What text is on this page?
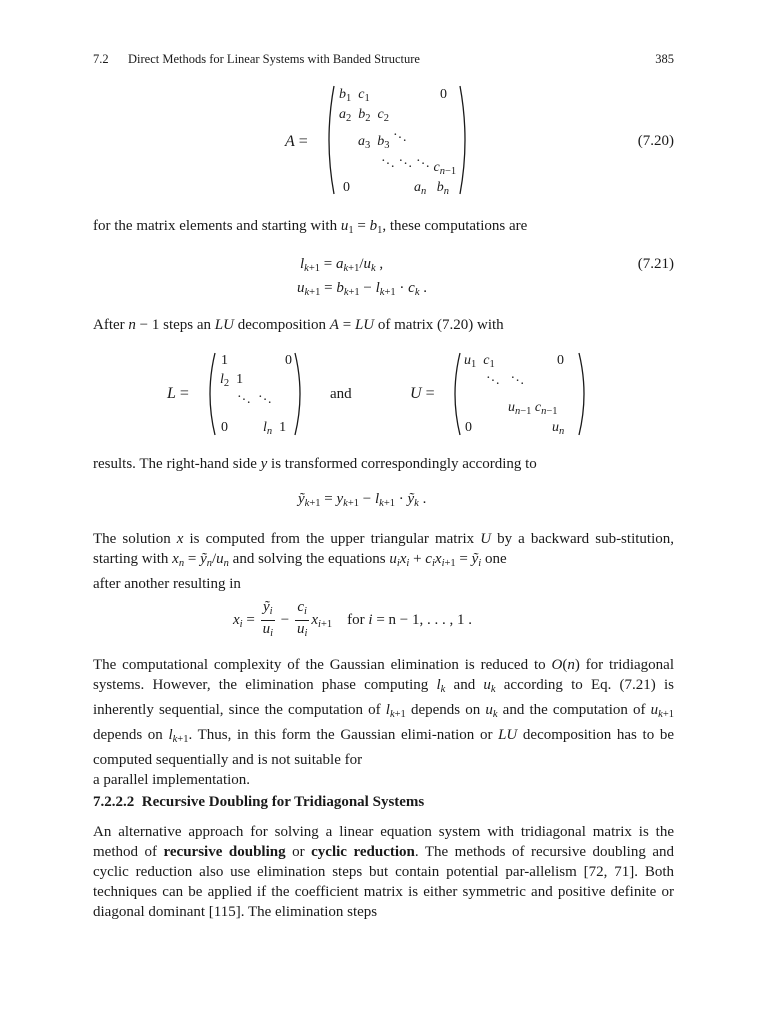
7.2 Direct Methods for Linear Systems with Banded Structure	385
A =
$b_1$ $c_1$	0
$a_2$ $b_2$ $c_2$
$a_3$ $b_3$ ···
··· ··· ··· $c_{n-1}$
0	$a_n$ $b_n$
(7.20)
for the matrix elements and starting with $u_1 = b_1$, these computations are
$l_{k+1} = a_{k+1}/u_k$ ,
$u_{k+1} = b_{k+1} - l_{k+1} \cdot c_k$ .
(7.21)
After n − 1 steps an LU decomposition A = LU of matrix (7.20) with
L =
1	0
$l_2$  1
···  ···
0	$l_n$  1
and	U =
$u_1$ $c_1$	0
···   ···
$u_{n-1}$ $c_{n-1}$
0	$u_n$
results. The right-hand side y is transformed correspondingly according to
ỹ$_{k+1}$ = $y_{k+1} - l_{k+1}$ · ỹ$_k$ .
The solution x is computed from the upper triangular matrix U by a backward sub-stitution, starting with $x_n$ = $ỹ_n/u_n$ and solving the equations $u_ix_i + c_ix_{i+1}$ = ỹ$_i$ one
after another resulting in
$x_i = \frac{ỹ_i}{u_i} - \frac{c_i}{u_i} x_{i+1}$ for i = n − 1, . . . , 1 .
The computational complexity of the Gaussian elimination is reduced to O(n) for tridiagonal systems. However, the elimination phase computing $l_k$ and $u_k$ according to Eq. (7.21) is inherently sequential, since the computation of $l_{k+1}$ depends on $u_k$ and the computation of $u_{k+1}$ depends on $l_{k+1}$. Thus, in this form the Gaussian elimi-nation or LU decomposition has to be computed sequentially and is not suitable for
a parallel implementation.
7.2.2.2 Recursive Doubling for Tridiagonal Systems
An alternative approach for solving a linear equation system with tridiagonal matrix is the method of recursive doubling or cyclic reduction. The methods of recursive doubling and cyclic reduction also use elimination steps but contain potential par-allelism [72, 71]. Both techniques can be applied if the coefficient matrix is either symmetric and positive definite or diagonal dominant [115]. The elimination steps
